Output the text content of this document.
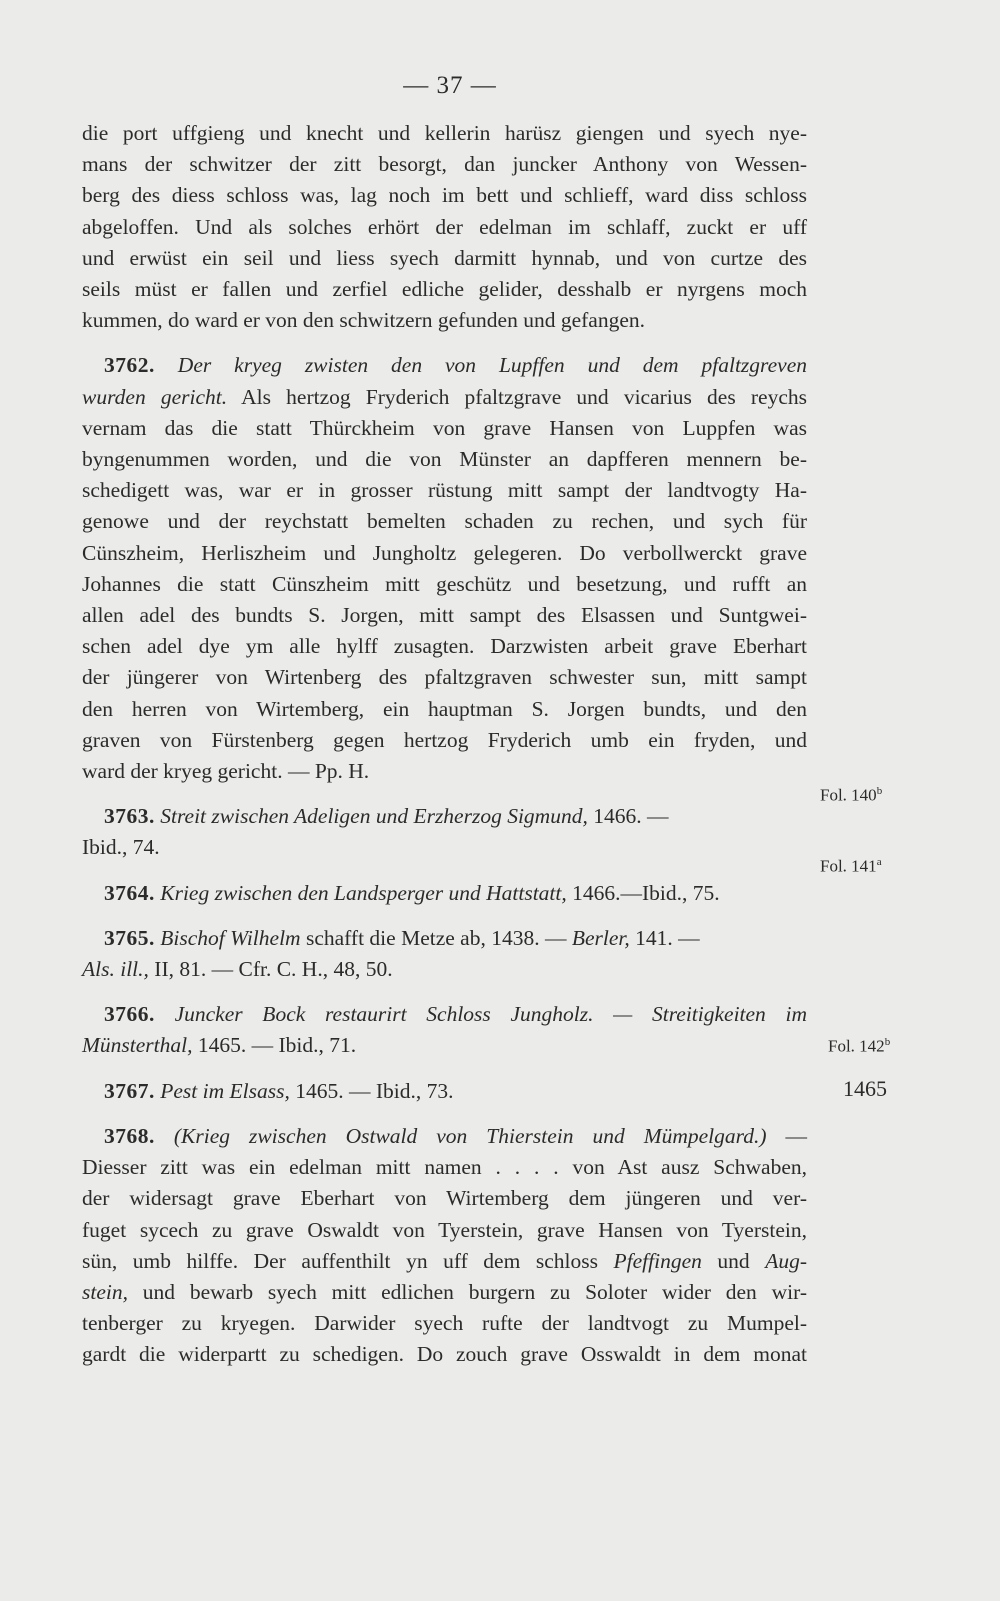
— 37 —
die port uffgieng und knecht und kellerin harüsz giengen und syech nye-
mans der schwitzer der zitt besorgt, dan juncker Anthony von Wessen-
berg des diess schloss was, lag noch im bett und schlieff, ward diss schloss
abgeloffen. Und als solches erhört der edelman im schlaff, zuckt er uff
und erwüst ein seil und liess syech darmitt hynnab, und von curtze des
seils müst er fallen und zerfiel edliche gelider, desshalb er nyrgens moch
kummen, do ward er von den schwitzern gefunden und gefangen.
3762. Der kryeg zwisten den von Lupffen und dem pfaltzgreven
wurden gericht. Als hertzog Fryderich pfaltzgrave und vicarius des reychs
vernam das die statt Thürckheim von grave Hansen von Luppfen was
byngenummen worden, und die von Münster an dapfferen mennern be-
schedigett was, war er in grosser rüstung mitt sampt der landtvogty Ha-
genowe und der reychstatt bemelten schaden zu rechen, und sych für
Cünszheim, Herliszheim und Jungholtz gelegeren. Do verbollwerckt grave
Johannes die statt Cünszheim mitt geschütz und besetzung, und rufft an
allen adel des bundts S. Jorgen, mitt sampt des Elsassen und Suntgwei-
schen adel dye ym alle hylff zusagten. Darzwisten arbeit grave Eberhart
der jüngerer von Wirtenberg des pfaltzgraven schwester sun, mitt sampt
den herren von Wirtemberg, ein hauptman S. Jorgen bundts, und den
graven von Fürstenberg gegen hertzog Fryderich umb ein fryden, und
ward der kryeg gericht. — Pp. H.
3763. Streit zwischen Adeligen und Erzherzog Sigmund, 1466. —
Ibid., 74.
3764. Krieg zwischen den Landsperger und Hattstatt, 1466.—Ibid., 75.
3765. Bischof Wilhelm schafft die Metze ab, 1438. — Berler, 141. —
Als. ill., II, 81. — Cfr. C. H., 48, 50.
3766. Juncker Bock restaurirt Schloss Jungholz. — Streitigkeiten im
Münsterthal, 1465. — Ibid., 71.
3767. Pest im Elsass, 1465. — Ibid., 73.
3768. (Krieg zwischen Ostwald von Thierstein und Mümpelgard.) —
Diesser zitt was ein edelman mitt namen . . . . von Ast ausz Schwaben,
der widersagt grave Eberhart von Wirtemberg dem jüngeren und ver-
fuget sycech zu grave Oswaldt von Tyerstein, grave Hansen von Tyerstein,
sün, umb hilffe. Der auffenthilt yn uff dem schloss Pfeffingen und Aug-
stein, und bewarb syech mitt edlichen burgern zu Soloter wider den wir-
tenberger zu kryegen. Darwider syech rufte der landtvogt zu Mumpel-
gardt die widerpartt zu schedigen. Do zouch grave Osswaldt in dem monat
Fol. 140$^b$
Fol. 141$^a$
Fol. 142$^b$
1465
